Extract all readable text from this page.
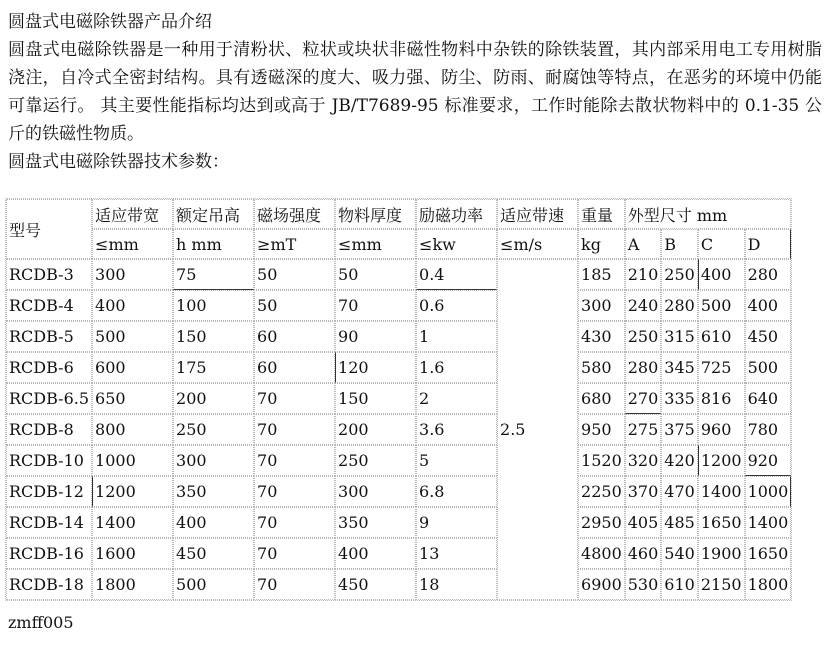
圆盘式电磁除铁器产品介绍

圆盘式电磁除铁器是一种用于清粉状、粒状或块状非磁性物料中杂铁的除铁装置，其内部采用电工专用树脂浇注，自冷式全密封结构。具有透磁深的度大、吸力强、防尘、防雨、耐腐蚀等特点，在恶劣的环境中仍能可靠运行。 其主要性能指标均达到或高于 JB/T7689-95 标准要求，工作时能除去散状物料中的 0.1-35 公斤的铁磁性物质。

圆盘式电磁除铁器技术参数：

型号	适应带宽	额定吊高	磁场强度	物料厚度	励磁功率	适应带速	重量	外型尺寸 mm			
	≤mm	h mm	≥mT	≤mm	≤kw	≤m/s	kg	A	B	C	D
RCDB-3	300	75	50	50	0.4	2.5	185	210	250	400	280
RCDB-4	400	100	50	70	0.6		300	240	280	500	400
RCDB-5	500	150	60	90	1		430	250	315	610	450
RCDB-6	600	175	60	120	1.6		580	280	345	725	500
RCDB-6.5	650	200	70	150	2		680	270	335	816	640
RCDB-8	800	250	70	200	3.6		950	275	375	960	780
RCDB-10	1000	300	70	250	5		1520	320	420	1200	920
RCDB-12	1200	350	70	300	6.8		2250	370	470	1400	1000
RCDB-14	1400	400	70	350	9		2950	405	485	1650	1400
RCDB-16	1600	450	70	400	13		4800	460	540	1900	1650
RCDB-18	1800	500	70	450	18		6900	530	610	2150	1800
zmff005
